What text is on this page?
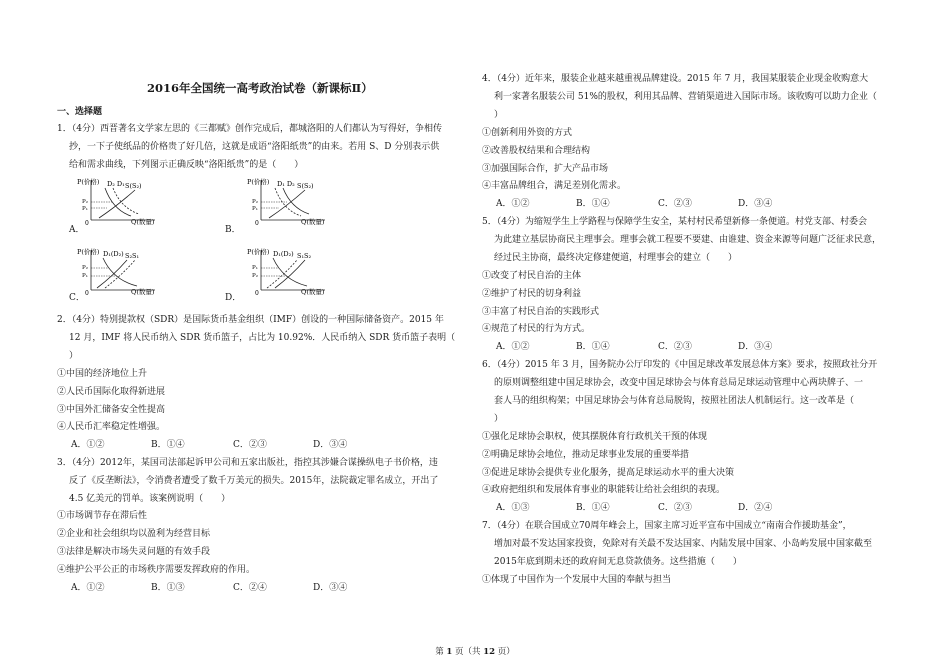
2016年全国统一高考政治试卷（新课标Ⅱ）
一、选择题
1．（4分）西晋著名文学家左思的《三都赋》创作完成后，都城洛阳的人们都认为写得好，争相传
抄，一下子使纸品的价格贵了好几倍，这就是成语“洛阳纸贵”的由来。若用 S、D 分别表示供
给和需求曲线，下列图示正确反映“洛阳纸贵”的是（　　）
P(价格)
Q(数量)
0
D₂ D₁ S(S₂)
P₂
P₁
A．
P(价格)
Q(数量)
0
D₁ D₂ S(S₂)
P₂
P₁
B．
P(价格)
Q(数量)
0
D₁(D₂) S₂S₁
P₂
P₁
C．
P(价格)
Q(数量)
0
D₁(D₂) S₁S₂
P₁
P₂
D．
2．（4分）特别提款权（SDR）是国际货币基金组织（IMF）创设的一种国际储备资产。2015 年
12 月，IMF 将人民币纳入 SDR 货币篮子，占比为 10.92%．人民币纳入 SDR 货币篮子表明（
）
①中国的经济地位上升
②人民币国际化取得新进展
③中国外汇储备安全性提高
④人民币汇率稳定性增强。
A．①②	B．①④	C．②③	D．③④
3．（4分）2012年，某国司法部起诉甲公司和五家出版社，指控其涉嫌合谋操纵电子书价格，违
反了《反垄断法》，令消费者遭受了数千万美元的损失。2015年，法院裁定罪名成立，开出了
4.5 亿美元的罚单。该案例说明（　　）
①市场调节存在滞后性
②企业和社会组织均以盈利为经营目标
③法律是解决市场失灵问题的有效手段
④维护公平公正的市场秩序需要发挥政府的作用。
A．①②	B．①③	C．②④	D．③④
4．（4分）近年来，服装企业越来越重视品牌建设。2015 年 7 月，我国某服装企业现金收购意大
利一家著名服装公司 51%的股权，利用其品牌、营销渠道进入国际市场。该收购可以助力企业（
）
①创新利用外资的方式
②改善股权结果和合理结构
③加强国际合作，扩大产品市场
④丰富品牌组合，满足差别化需求。
A．①②	B．①④	C．②③	D．③④
5．（4分）为缩短学生上学路程与保障学生安全，某村村民希望新修一条便道。村党支部、村委会
为此建立基层协商民主理事会。理事会就工程要不要建、由谁建、资金来源等问题广泛征求民意，
经过民主协商，最终决定修建便道，村理事会的建立（　　）
①改变了村民自治的主体
②维护了村民的切身利益
③丰富了村民自治的实践形式
④规范了村民的行为方式。
A．①②	B．①④	C．②③	D．③④
6．（4分）2015 年 3 月，国务院办公厅印发的《中国足球改革发展总体方案》要求，按照政社分开
的原则调整组建中国足球协会，改变中国足球协会与体育总局足球运动管理中心两块牌子、一
套人马的组织构架；中国足球协会与体育总局脱钩，按照社团法人机制运行。这一改革是（
）
①强化足球协会职权，使其摆脱体育行政机关干预的体现
②明确足球协会地位，推动足球事业发展的重要举措
③促进足球协会提供专业化服务，提高足球运动水平的重大决策
④政府把组织和发展体育事业的职能转让给社会组织的表现。
A．①③	B．①④	C．②③	D．②④
7．（4分）在联合国成立70周年峰会上，国家主席习近平宣布中国成立“南南合作援助基金”，
增加对最不发达国家投资，免除对有关最不发达国家、内陆发展中国家、小岛屿发展中国家截至
2015年底到期未还的政府间无息贷款债务。这些措施（　　）
①体现了中国作为一个发展中大国的奉献与担当
第 1 页（共 12 页）
